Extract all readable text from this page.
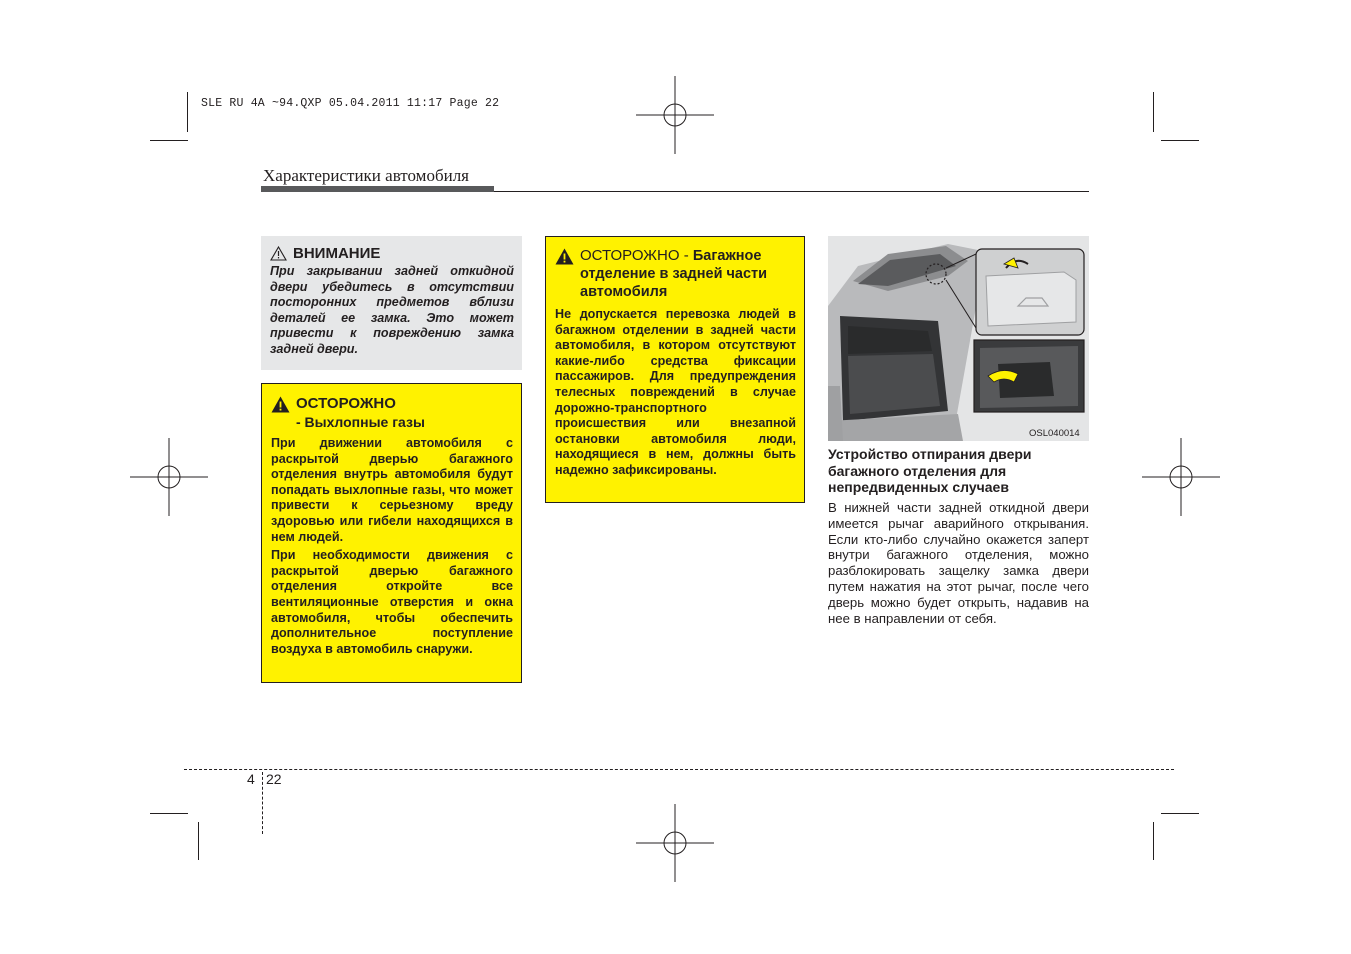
SLE RU 4A ~94.QXP 05.04.2011 11:17 Page 22
Характеристики автомобиля
ВНИМАНИЕ
При закрывании задней откидной двери убедитесь в отсутствии посторонних предметов вблизи деталей ее замка. Это может привести к повреждению замка задней двери.
ОСТОРОЖНО
- Выхлопные газы
При движении автомобиля с раскрытой дверью багажного отделения внутрь автомобиля будут попадать выхлопные газы, что может привести к серьезному вреду здоровью или гибели находящихся в нем людей.
При необходимости движения с раскрытой дверью багажного отделения откройте все вентиляционные отверстия и окна автомобиля, чтобы обеспечить дополнительное поступление воздуха в автомобиль снаружи.
ОСТОРОЖНО - Багажное отделение в задней части автомобиля
Не допускается перевозка людей в багажном отделении в задней части автомобиля, в котором отсутствуют какие-либо средства фиксации пассажиров. Для предупреждения телесных повреждений в случае дорожно-транспортного происшествия или внезапной остановки автомобиля люди, находящиеся в нем, должны быть надежно зафиксированы.
OSL040014
Устройство отпирания двери багажного отделения для непредвиденных случаев
В нижней части задней откидной двери имеется рычаг аварийного открывания. Если кто-либо случайно окажется заперт внутри багажного отделения, можно разблокировать защелку замка двери путем нажатия на этот рычаг, после чего дверь можно будет открыть, надавив на нее в направлении от себя.
4 22
